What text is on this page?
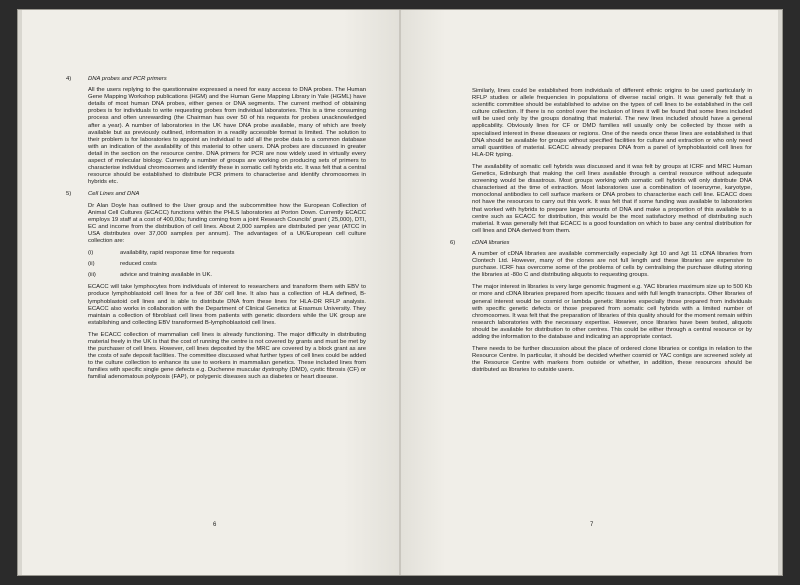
4)	DNA probes and PCR primers

All the users replying to the questionnaire expressed a need for easy access to DNA probes. The Human Gene Mapping Workshop publications (HGM) and the Human Gene Mapping Library in Yale (HGML) have details of most human DNA probes, either genes or DNA segments. The current method of obtaining probes is for individuals to write requesting probes from individual laboratories. This is a time consuming process and often unrewarding (the Chairman has over 50 of his requests for probes unacknowledged after a year). A number of laboratories in the UK have DNA probe available, many of which are freely available but as previously outlined, information in a readily accessible format is limited. The solution to their problem is for laboratories to appoint an individual to add all the probe data to a common database with an indication of the availability of this material to other users. DNA probes are discussed in greater detail in the section on the resource centre. DNA primers for PCR are now widely used in virtually every aspect of molecular biology. Currently a number of groups are working on producing sets of primers to characterise individual chromosomes and identify these in somatic cell hybrids etc. It was felt that a central resource should be established to distribute PCR primers to characterise and identify chromosomes in hybrids etc.

5)	Cell Lines and DNA

Dr Alan Doyle has outlined to the User group and the subcommittee how the European Collection of Animal Cell Cultures (ECACC) functions within the PHLS laboratories at Porton Down. Currently ECACC employs 19 staff at a cost of 400,00u; funding coming from a joint Research Councils' grant ( 25,000), DTI, EC and income from the distribution of cell lines. About 2,000 samples are distributed per year (ATCC in USA distributes over 37,000 samples per annum). The advantages of a UK/European cell culture collection are:

(i)	availability, rapid response time for requests
(ii)	reduced costs
(iii)	advice and training available in UK.

ECACC will take lymphocytes from individuals of interest to researchers and transform them with EBV to produce lymphoblastoid cell lines for a fee of 38/ cell line. It also has a collection of HLA defined, B-lymphoblastoid cell lines and is able to distribute DNA from these lines for HLA-DR RFLP analysis. ECACC also works in collaboration with the Department of Clinical Genetics at Erasmus University. They maintain a collection of fibroblast cell lines from patients with genetic disorders while the UK group are establishing and collecting EBV transformed B-lymphoblastoid cell lines.

The ECACC collection of mammalian cell lines is already functioning. The major difficulty in distributing material freely in the UK is that the cost of running the centre is not covered by grants and must be met by the purchaser of cell lines. However, cell lines deposited by the MRC are covered by a block grant as are the costs of safe deposit facilities. The committee discussed what further types of cell lines could be added to the culture collection to enhance its use to workers in mammalian genetics. These included lines from families with specific single gene defects e.g. Duchenne muscular dystrophy (DMD), cystic fibrosis (CF) or familial adenomatous polyposis (FAP), or polygenic diseases such as diabetes or heart disease.

6

Similarly, lines could be established from individuals of different ethnic origins to be used particularly in RFLP studies or allele frequencies in populations of diverse racial origin. It was generally felt that a scientific committee should be established to advise on the types of cell lines to be established in the cell culture collection. If there is no control over the inclusion of lines it will be found that some lines included will be used only by the groups donating that material. The new lines included should have a general applicability. Obviously lines for CF or DMD families will usually only be collected by those with a specialised interest in these diseases or regions. One of the needs once these lines are established is that DNA should be available for groups without specified facilities for culture and extraction or who only need small quantities of material. ECACC already prepares DNA from a panel of lymphoblastoid cell lines for HLA-DR typing.

The availability of somatic cell hybrids was discussed and it was felt by groups at ICRF and MRC Human Genetics, Edinburgh that making the cell lines available through a central resource without adequate screening would be disastrous. Most groups working with somatic cell hybrids will only distribute DNA characterised at the time of extraction. Most laboratories use a combination of isoenzyme, karyotype, monoclonal antibodies to cell surface markers or DNA probes to characterise each cell line. ECACC does not have the resources to carry out this work. It was felt that if some funding was available to laboratories that worked with hybrids to prepare larger amounts of DNA and make a proportion of this available to a centre such as ECACC for distribution, this would be the most satisfactory method of distributing such material. It was generally felt that ECACC is a good foundation on which to base any central distribution for cell lines and DNA derived from them.

6)	cDNA libraries

A number of cDNA libraries are available commercially especially λgt 10 and λgt 11 cDNA libraries from Clontech Ltd. However, many of the clones are not full length and these libraries are expensive to purchase. ICRF has overcome some of the problems of cells by centralising the purchase diluting storing the libraries at -80o C and distributing aliquots to requesting groups.

The major interest in libraries is very large genomic fragment e.g. YAC libraries maximum size up to 500 Kb or more and cDNA libraries prepared from specific tissues and with full length transcripts. Other libraries of general interest would be cosmid or lambda genetic libraries especially those prepared from individuals with specific genetic defects or those prepared from somatic cell hybrids with a limited number of chromosomes. It was felt that the preparation of libraries of this quality should for the moment remain within research laboratories with the necessary expertise. However, once libraries have been tested, aliquots should be available for distribution to other centres. This could be either through a central resource or by adding the information to the database and indicating an appropriate contact.

There needs to be further discussion about the place of ordered clone libraries or contigs in relation to the Resource Centre. In particular, it should be decided whether cosmid or YAC contigs are screened solely at the Resource Centre with markers from outside or whether, in addition, these resources should be distributed as libraries to outside users.

7
